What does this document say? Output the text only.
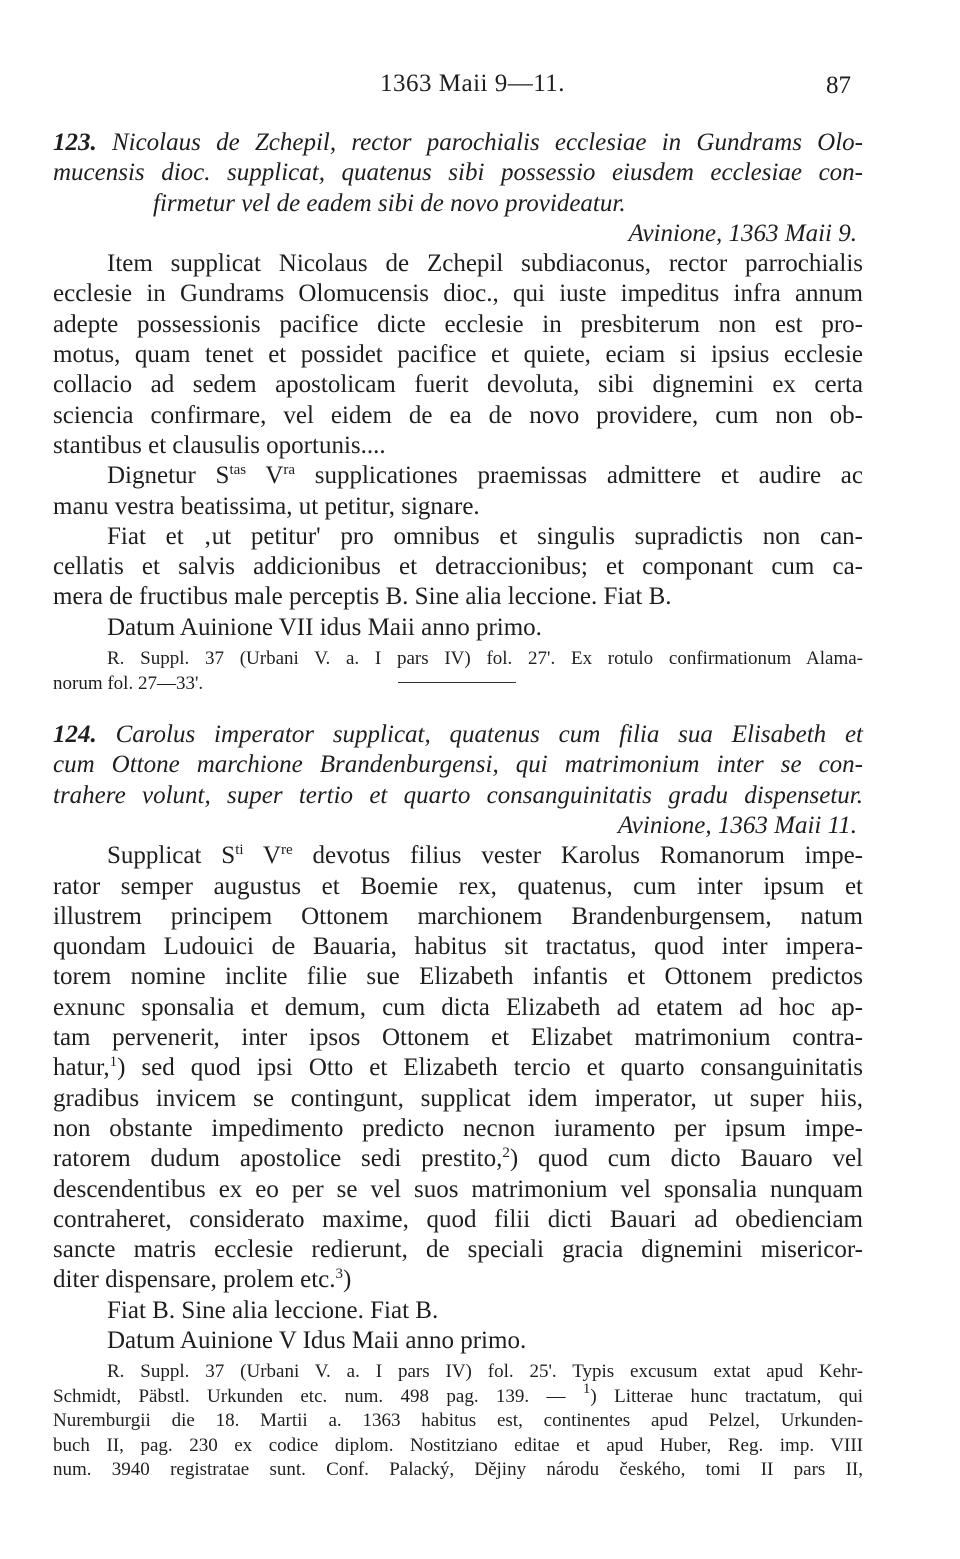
1363 Maii 9—11.	87
123. Nicolaus de Zchepil, rector parochialis ecclesiae in Gundrams Olo-
mucensis dioc. supplicat, quatenus sibi possessio eiusdem ecclesiae con-
firmetur vel de eadem sibi de novo provideatur.
Avinione, 1363 Maii 9.
Item supplicat Nicolaus de Zchepil subdiaconus, rector parrochialis
ecclesie in Gundrams Olomucensis dioc., qui iuste impeditus infra annum
adepte possessionis pacifice dicte ecclesie in presbiterum non est pro-
motus, quam tenet et possidet pacifice et quiete, eciam si ipsius ecclesie
collacio ad sedem apostolicam fuerit devoluta, sibi dignemini ex certa
sciencia confirmare, vel eidem de ea de novo providere, cum non ob-
stantibus et clausulis oportunis....
Dignetur $S^{tas}$ $V^{ra}$ supplicationes praemissas admittere et audire ac
manu vestra beatissima, ut petitur, signare.
Fiat et ‚ut petitur' pro omnibus et singulis supradictis non can-
cellatis et salvis addicionibus et detraccionibus; et componant cum ca-
mera de fructibus male perceptis B. Sine alia leccione. Fiat B.
Datum Auinione VII idus Maii anno primo.
R. Suppl. 37 (Urbani V. a. I pars IV) fol. 27'. Ex rotulo confirmationum Alama-
norum fol. 27—33'.
124. Carolus imperator supplicat, quatenus cum filia sua Elisabeth et
cum Ottone marchione Brandenburgensi, qui matrimonium inter se con-
trahere volunt, super tertio et quarto consanguinitatis gradu dispensetur.
Avinione, 1363 Maii 11.
Supplicat $S^{ti}$ Vre devotus filius vester Karolus Romanorum impe-
rator semper augustus et Boemie rex, quatenus, cum inter ipsum et
illustrem principem Ottonem marchionem Brandenburgensem, natum
quondam Ludouici de Bauaria, habitus sit tractatus, quod inter impera-
torem nomine inclite filie sue Elizabeth infantis et Ottonem predictos
exnunc sponsalia et demum, cum dicta Elizabeth ad etatem ad hoc ap-
tam pervenerit, inter ipsos Ottonem et Elizabet matrimonium contra-
hatur,$^1$) sed quod ipsi Otto et Elizabeth tercio et quarto consanguinitatis
gradibus invicem se contingunt, supplicat idem imperator, ut super hiis,
non obstante impedimento predicto necnon iuramento per ipsum impe-
ratorem dudum apostolice sedi prestito,$^2$) quod cum dicto Bauaro vel
descendentibus ex eo per se vel suos matrimonium vel sponsalia nunquam
contraheret, considerato maxime, quod filii dicti Bauari ad obedienciam
sancte matris ecclesie redierunt, de speciali gracia dignemini misericor-
diter dispensare, prolem etc.$^3$)
Fiat B. Sine alia leccione. Fiat B.
Datum Auinione V Idus Maii anno primo.
R. Suppl. 37 (Urbani V. a. I pars IV) fol. 25'. Typis excusum extat apud Kehr-
Schmidt, Päbstl. Urkunden etc. num. 498 pag. 139. — $^1$) Litterae hunc tractatum, qui
Nuremburgii die 18. Martii a. 1363 habitus est, continentes apud Pelzel, Urkunden-
buch II, pag. 230 ex codice diplom. Nostitziano editae et apud Huber, Reg. imp. VIII
num. 3940 registratae sunt. Conf. Palacký, Dějiny národu českého, tomi II pars II,
